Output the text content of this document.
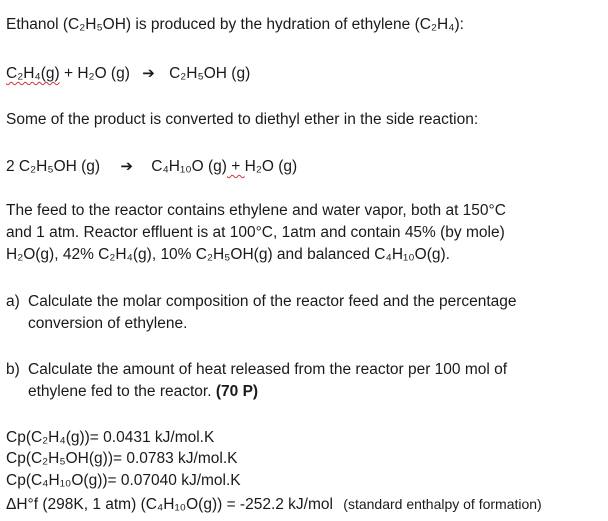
Ethanol (C₂H₅OH) is produced by the hydration of ethylene (C₂H₄):
C₂H₄(g) + H₂O (g) ➔ C₂H₅OH (g)
Some of the product is converted to diethyl ether in the side reaction:
2 C₂H₅OH (g) ➔ C₄H₁₀O (g) + H₂O (g)
The feed to the reactor contains ethylene and water vapor, both at 150°C
and 1 atm. Reactor effluent is at 100°C, 1atm and contain 45% (by mole)
H₂O(g), 42% C₂H₄(g), 10% C₂H₅OH(g) and balanced C₄H₁₀O(g).
a) Calculate the molar composition of the reactor feed and the percentage
conversion of ethylene.
b) Calculate the amount of heat released from the reactor per 100 mol of
ethylene fed to the reactor. (70 P)
Cp(C₂H₄(g))= 0.0431 kJ/mol.K
Cp(C₂H₅OH(g))= 0.0783 kJ/mol.K
Cp(C₄H₁₀O(g))= 0.07040 kJ/mol.K
ΔH°f (298K, 1 atm) (C₄H₁₀O(g)) = -252.2 kJ/mol (standard enthalpy of formation)
